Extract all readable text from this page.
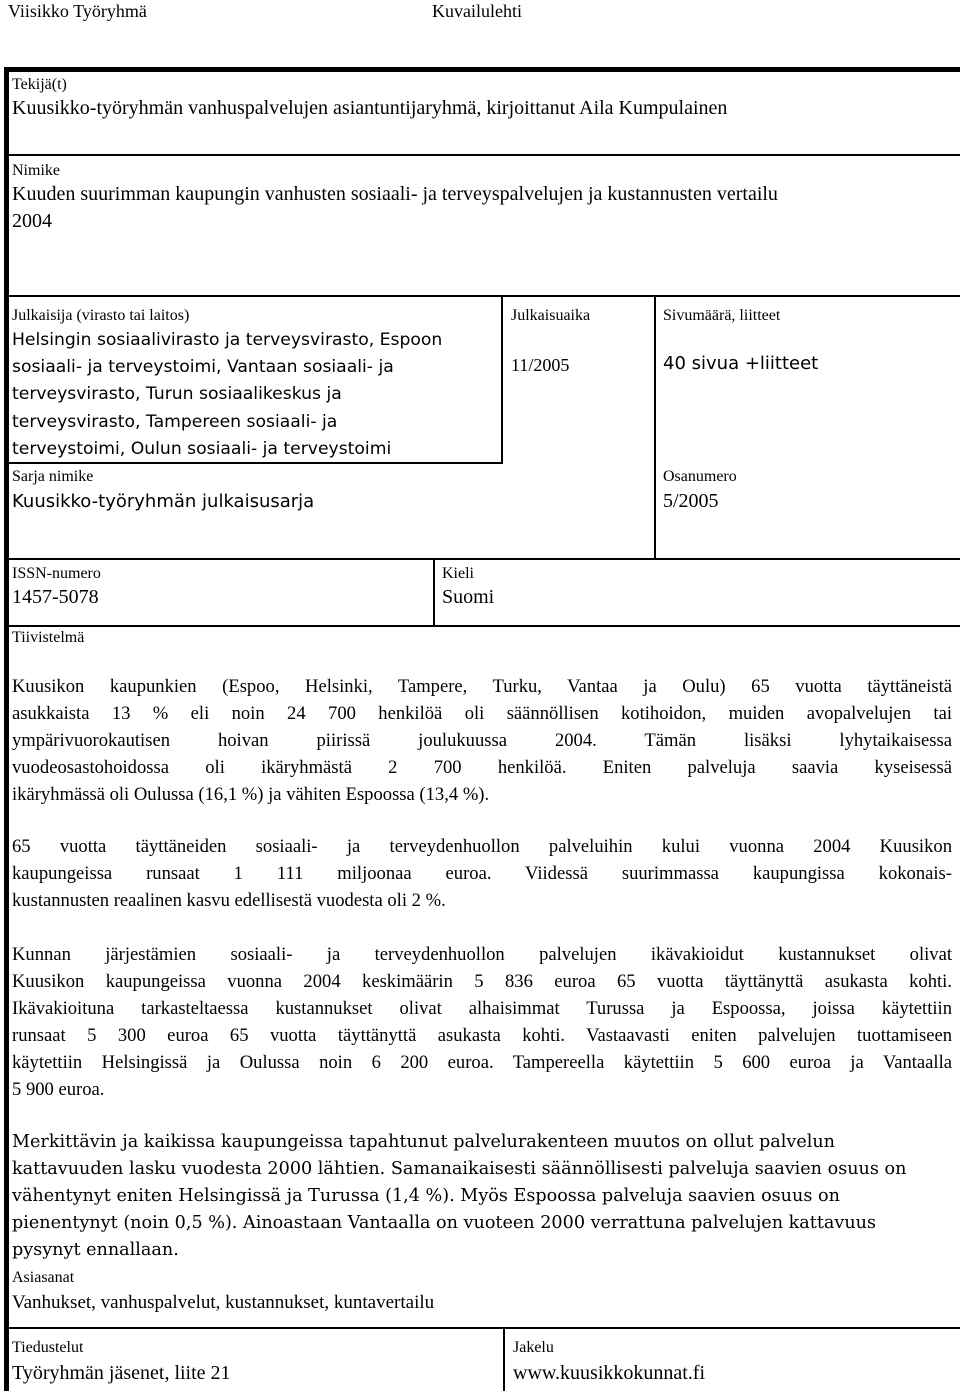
Viisikko Työryhmä	Kuvailulehti
Tekijä(t)
Kuusikko-työryhmän vanhuspalvelujen asiantuntijaryhmä, kirjoittanut Aila Kumpulainen
Nimike
Kuuden suurimman kaupungin vanhusten sosiaali- ja terveyspalvelujen ja kustannusten vertailu
2004
Julkaisija (virasto tai laitos)
Helsingin sosiaalivirasto ja terveysvirasto, Espoon
sosiaali- ja terveystoimi, Vantaan sosiaali- ja
terveysvirasto, Turun sosiaalikeskus ja
terveysvirasto, Tampereen sosiaali- ja
terveystoimi, Oulun sosiaali- ja terveystoimi
Julkaisuaika
11/2005
Sivumäärä, liitteet
40 sivua +liitteet
Sarja nimike
Kuusikko-työryhmän julkaisusarja
Osanumero
5/2005
ISSN-numero
1457-5078
Kieli
Suomi
Tiivistelmä
Kuusikon kaupunkien (Espoo, Helsinki, Tampere, Turku, Vantaa ja Oulu) 65 vuotta täyttäneistä
asukkaista 13 % eli noin 24 700 henkilöä oli säännöllisen kotihoidon, muiden avopalvelujen tai
ympärivuorokautisen hoivan piirissä joulukuussa 2004. Tämän lisäksi lyhytaikaisessa
vuodeosastohoidossa oli ikäryhmästä 2 700 henkilöä. Eniten palveluja saavia kyseisessä
ikäryhmässä oli Oulussa (16,1 %) ja vähiten Espoossa (13,4 %).
65 vuotta täyttäneiden sosiaali- ja terveydenhuollon palveluihin kului vuonna 2004 Kuusikon
kaupungeissa runsaat 1 111 miljoonaa euroa. Viidessä suurimmassa kaupungissa kokonais-
kustannusten reaalinen kasvu edellisestä vuodesta oli 2 %.
Kunnan järjestämien sosiaali- ja terveydenhuollon palvelujen ikävakioidut kustannukset olivat
Kuusikon kaupungeissa vuonna 2004 keskimäärin 5 836 euroa 65 vuotta täyttänyttä asukasta kohti.
Ikävakioituna tarkasteltaessa kustannukset olivat alhaisimmat Turussa ja Espoossa, joissa käytettiin
runsaat 5 300 euroa 65 vuotta täyttänyttä asukasta kohti. Vastaavasti eniten palvelujen tuottamiseen
käytettiin Helsingissä ja Oulussa noin 6 200 euroa. Tampereella käytettiin 5 600 euroa ja Vantaalla
5 900 euroa.
Merkittävin ja kaikissa kaupungeissa tapahtunut palvelurakenteen muutos on ollut palvelun
kattavuuden lasku vuodesta 2000 lähtien. Samanaikaisesti säännöllisesti palveluja saavien osuus on
vähentynyt eniten Helsingissä ja Turussa (1,4 %). Myös Espoossa palveluja saavien osuus on
pienentynyt (noin 0,5 %). Ainoastaan Vantaalla on vuoteen 2000 verrattuna palvelujen kattavuus
pysynyt ennallaan.
Asiasanat
Vanhukset, vanhuspalvelut, kustannukset, kuntavertailu
Tiedustelut
Työryhmän jäsenet, liite 21
Jakelu
www.kuusikkokunnat.fi
